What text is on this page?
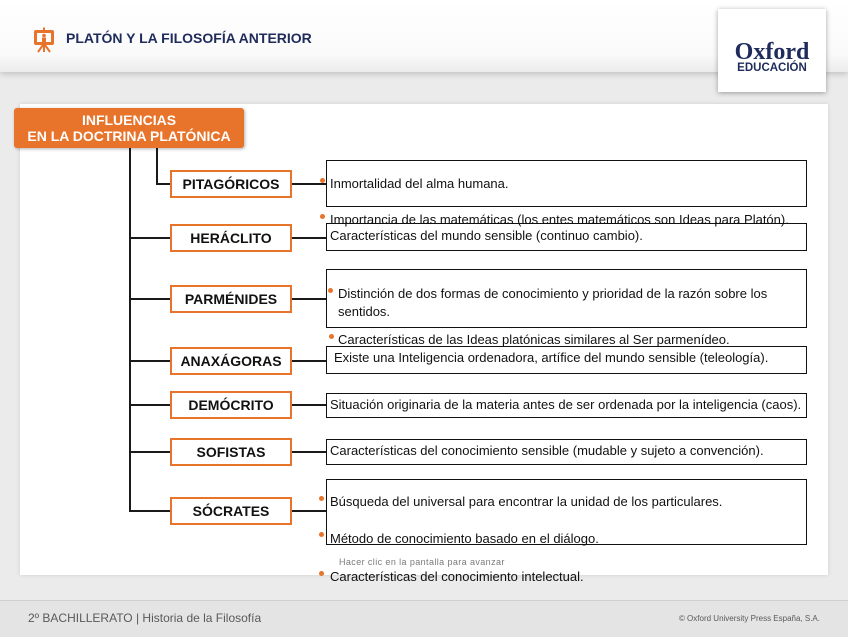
PLATÓN Y LA FILOSOFÍA ANTERIOR
Oxford
EDUCACIÓN
INFLUENCIAS
EN LA DOCTRINA PLATÓNICA
PITAGÓRICOS
HERÁCLITO
PARMÉNIDES
ANAXÁGORAS
DEMÓCRITO
SOFISTAS
SÓCRATES
Inmortalidad del alma humana.
Importancia de las matemáticas (los entes matemáticos son Ideas para Platón).
Características del mundo sensible (continuo cambio).
Distinción de dos formas de conocimiento y prioridad de la razón sobre los sentidos.
Características de las Ideas platónicas similares al Ser parmenídeo.
Existe una Inteligencia ordenadora, artífice del mundo sensible (teleología).
Situación originaria de la materia antes de ser ordenada por la inteligencia (caos).
Características del conocimiento sensible (mudable y sujeto a convención).
Búsqueda del universal para encontrar la unidad de los particulares.
Método de conocimiento basado en el diálogo.
Hacer clic en la pantalla para avanzar
Características del conocimiento intelectual.
2º BACHILLERATO | Historia de la Filosofía	© Oxford University Press España, S.A.
